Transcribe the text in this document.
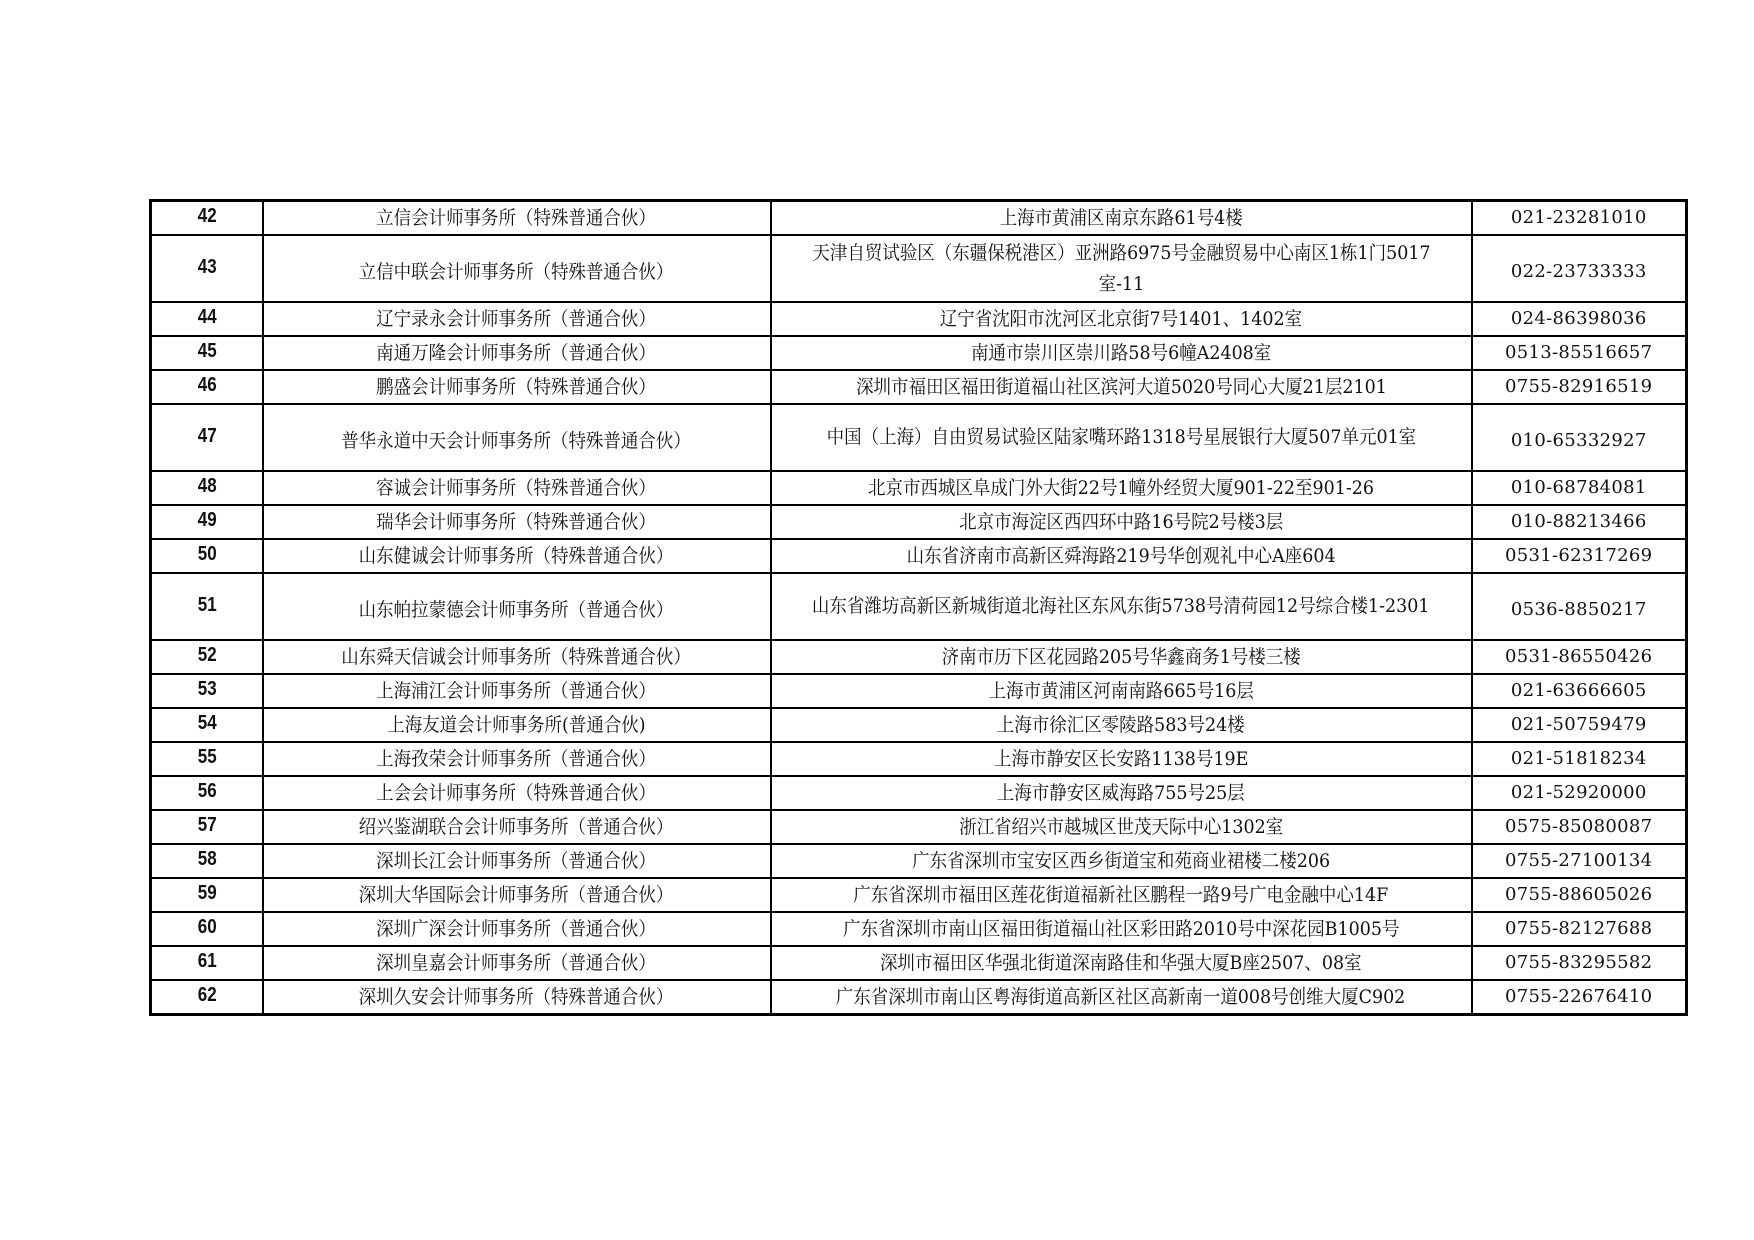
42	立信会计师事务所（特殊普通合伙）	上海市黄浦区南京东路61号4楼	021-23281010
43	立信中联会计师事务所（特殊普通合伙）	天津自贸试验区（东疆保税港区）亚洲路6975号金融贸易中心南区1栋1门5017室-11	022-23733333
44	辽宁录永会计师事务所（普通合伙）	辽宁省沈阳市沈河区北京街7号1401、1402室	024-86398036
45	南通万隆会计师事务所（普通合伙）	南通市崇川区崇川路58号6幢A2408室	0513-85516657
46	鹏盛会计师事务所（特殊普通合伙）	深圳市福田区福田街道福山社区滨河大道5020号同心大厦21层2101	0755-82916519
47	普华永道中天会计师事务所（特殊普通合伙）	中国（上海）自由贸易试验区陆家嘴环路1318号星展银行大厦507单元01室	010-65332927
48	容诚会计师事务所（特殊普通合伙）	北京市西城区阜成门外大街22号1幢外经贸大厦901-22至901-26	010-68784081
49	瑞华会计师事务所（特殊普通合伙）	北京市海淀区西四环中路16号院2号楼3层	010-88213466
50	山东健诚会计师事务所（特殊普通合伙）	山东省济南市高新区舜海路219号华创观礼中心A座604	0531-62317269
51	山东帕拉蒙德会计师事务所（普通合伙）	山东省潍坊高新区新城街道北海社区东风东街5738号清荷园12号综合楼1-2301	0536-8850217
52	山东舜天信诚会计师事务所（特殊普通合伙）	济南市历下区花园路205号华鑫商务1号楼三楼	0531-86550426
53	上海浦江会计师事务所（普通合伙）	上海市黄浦区河南南路665号16层	021-63666605
54	上海友道会计师事务所(普通合伙)	上海市徐汇区零陵路583号24楼	021-50759479
55	上海孜荣会计师事务所（普通合伙）	上海市静安区长安路1138号19E	021-51818234
56	上会会计师事务所（特殊普通合伙）	上海市静安区威海路755号25层	021-52920000
57	绍兴鉴湖联合会计师事务所（普通合伙）	浙江省绍兴市越城区世茂天际中心1302室	0575-85080087
58	深圳长江会计师事务所（普通合伙）	广东省深圳市宝安区西乡街道宝和苑商业裙楼二楼206	0755-27100134
59	深圳大华国际会计师事务所（普通合伙）	广东省深圳市福田区莲花街道福新社区鹏程一路9号广电金融中心14F	0755-88605026
60	深圳广深会计师事务所（普通合伙）	广东省深圳市南山区福田街道福山社区彩田路2010号中深花园B1005号	0755-82127688
61	深圳皇嘉会计师事务所（普通合伙）	深圳市福田区华强北街道深南路佳和华强大厦B座2507、08室	0755-83295582
62	深圳久安会计师事务所（特殊普通合伙）	广东省深圳市南山区粤海街道高新区社区高新南一道008号创维大厦C902	0755-22676410
